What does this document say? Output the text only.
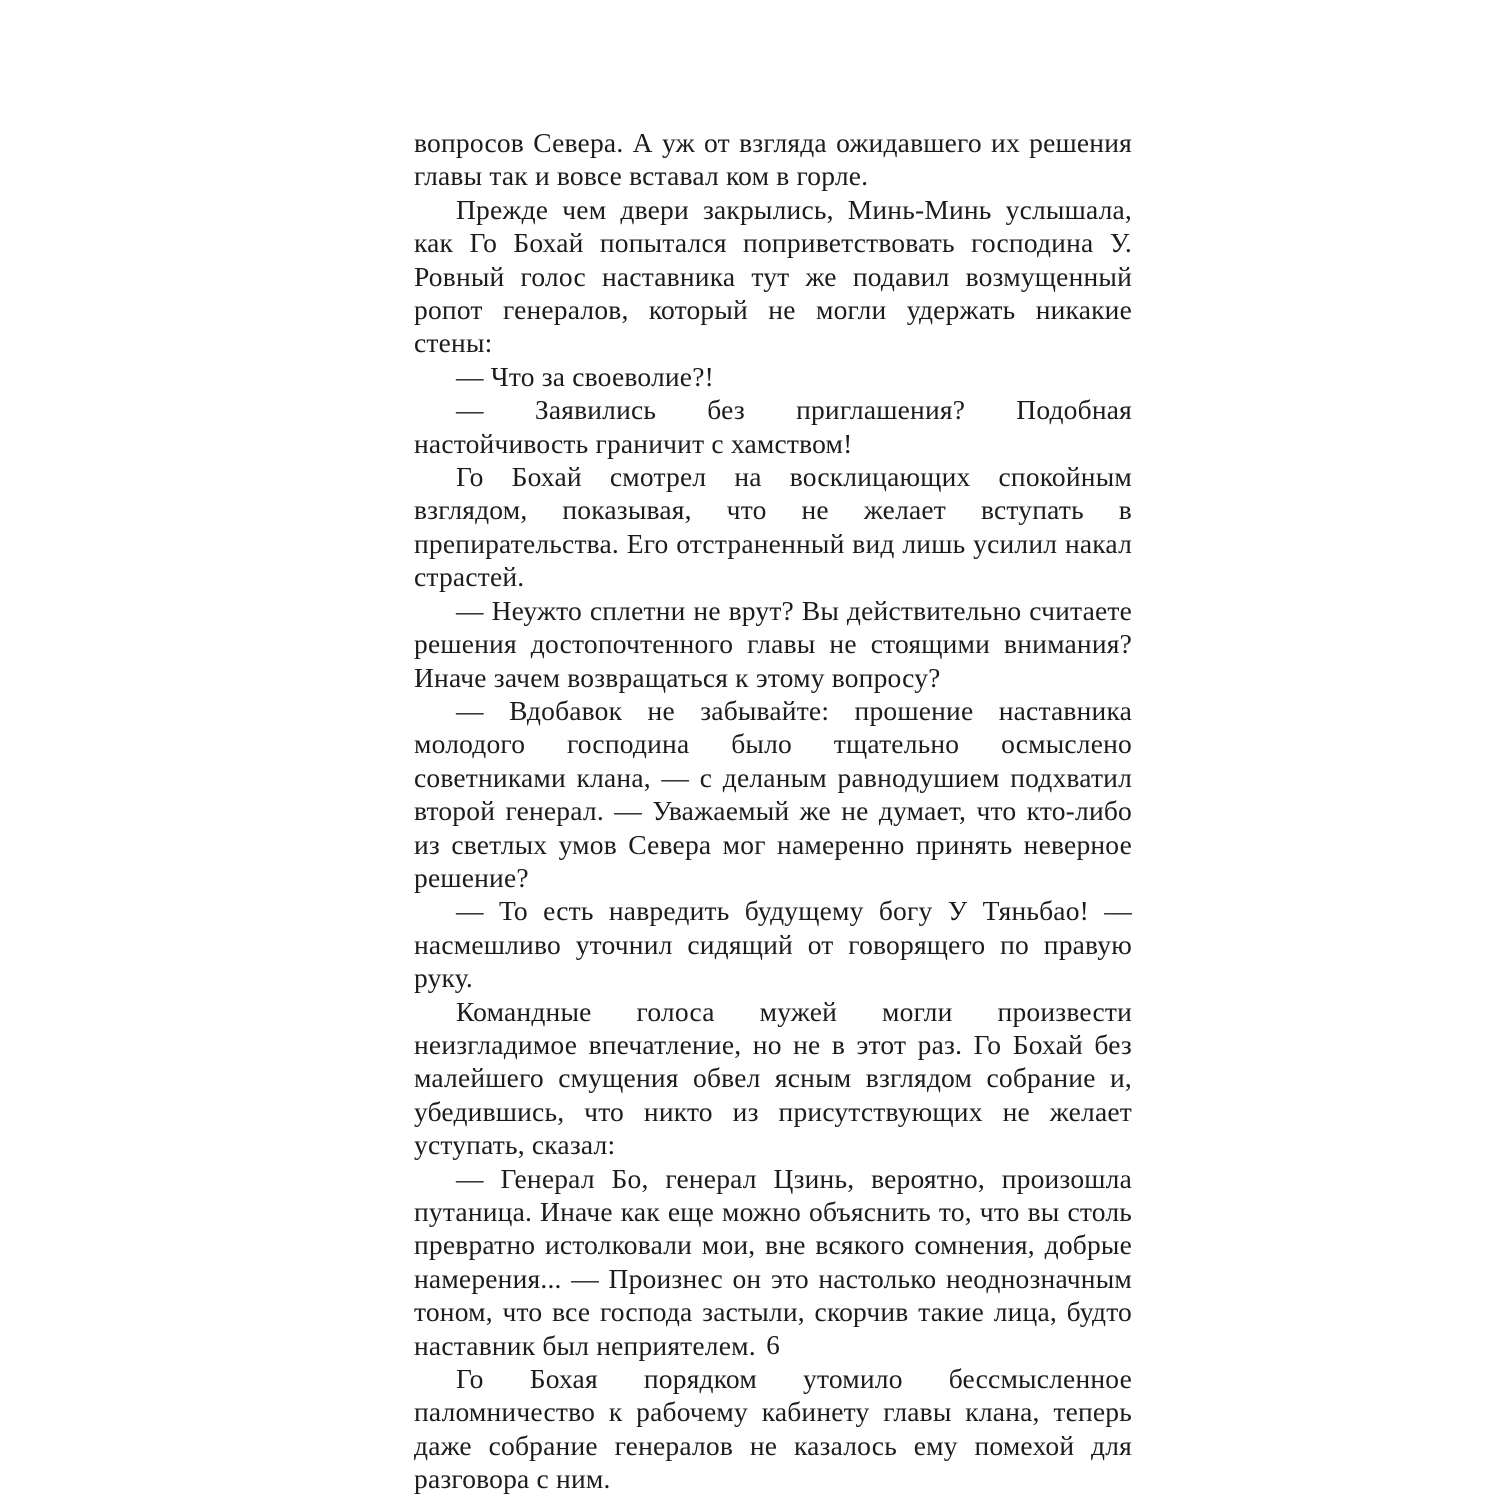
вопросов Севера. А уж от взгляда ожидавшего их решения главы так и вовсе вставал ком в горле.

Прежде чем двери закрылись, Минь-Минь услышала, как Го Бохай попытался поприветствовать господина У. Ровный голос наставника тут же подавил возмущенный ропот генералов, который не могли удержать никакие стены:

— Что за своеволие?!

— Заявились без приглашения? Подобная настойчивость граничит с хамством!

Го Бохай смотрел на восклицающих спокойным взглядом, показывая, что не желает вступать в препирательства. Его отстраненный вид лишь усилил накал страстей.

— Неужто сплетни не врут? Вы действительно считаете решения достопочтенного главы не стоящими внимания? Иначе зачем возвращаться к этому вопросу?

— Вдобавок не забывайте: прошение наставника молодого господина было тщательно осмыслено советниками клана, — с деланым равнодушием подхватил второй генерал. — Уважаемый же не думает, что кто-либо из светлых умов Севера мог намеренно принять неверное решение?

— То есть навредить будущему богу У Тяньбао! — насмешливо уточнил сидящий от говорящего по правую руку.

Командные голоса мужей могли произвести неизгладимое впечатление, но не в этот раз. Го Бохай без малейшего смущения обвел ясным взглядом собрание и, убедившись, что никто из присутствующих не желает уступать, сказал:

— Генерал Бо, генерал Цзинь, вероятно, произошла путаница. Иначе как еще можно объяснить то, что вы столь превратно истолковали мои, вне всякого сомнения, добрые намерения... — Произнес он это настолько неоднозначным тоном, что все господа застыли, скорчив такие лица, будто наставник был неприятелем.

Го Бохая порядком утомило бессмысленное паломничество к рабочему кабинету главы клана, теперь даже собрание генералов не казалось ему помехой для разговора с ним.

6
